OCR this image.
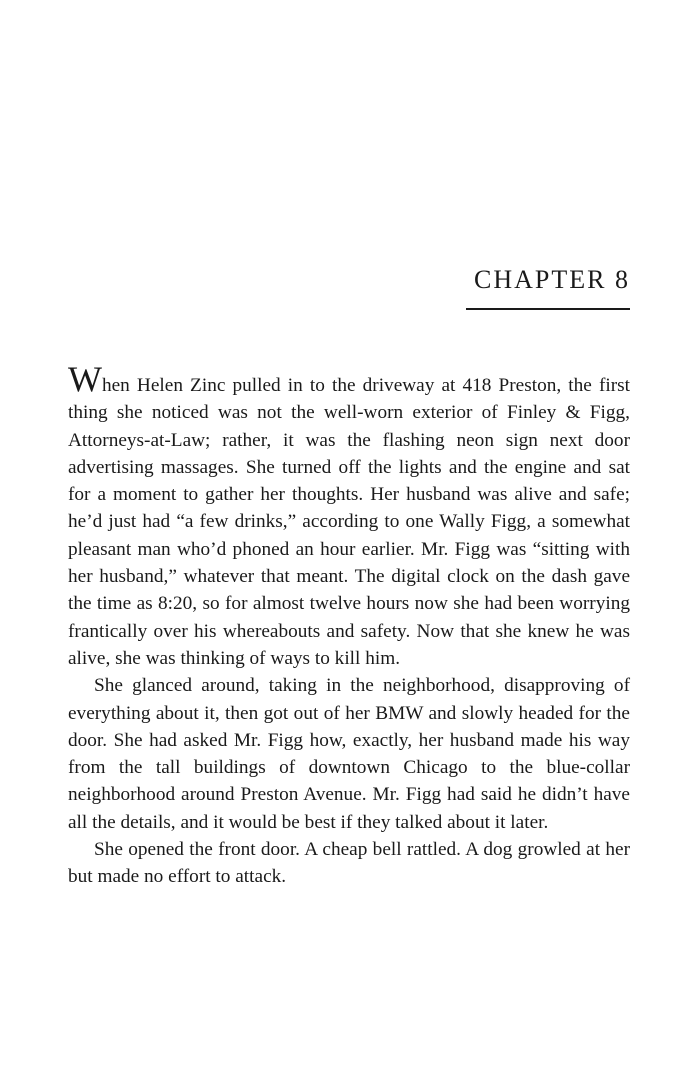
CHAPTER 8

When Helen Zinc pulled in to the driveway at 418 Preston, the first thing she noticed was not the well-worn exterior of Finley & Figg, Attorneys-at-Law; rather, it was the flashing neon sign next door advertising massages. She turned off the lights and the engine and sat for a moment to gather her thoughts. Her husband was alive and safe; he’d just had “a few drinks,” according to one Wally Figg, a somewhat pleasant man who’d phoned an hour earlier. Mr. Figg was “sitting with her husband,” whatever that meant. The digital clock on the dash gave the time as 8:20, so for almost twelve hours now she had been worrying frantically over his whereabouts and safety. Now that she knew he was alive, she was thinking of ways to kill him.

She glanced around, taking in the neighborhood, disapproving of everything about it, then got out of her BMW and slowly headed for the door. She had asked Mr. Figg how, exactly, her husband made his way from the tall buildings of downtown Chicago to the blue-collar neighborhood around Preston Avenue. Mr. Figg had said he didn’t have all the details, and it would be best if they talked about it later.

She opened the front door. A cheap bell rattled. A dog growled at her but made no effort to attack.
